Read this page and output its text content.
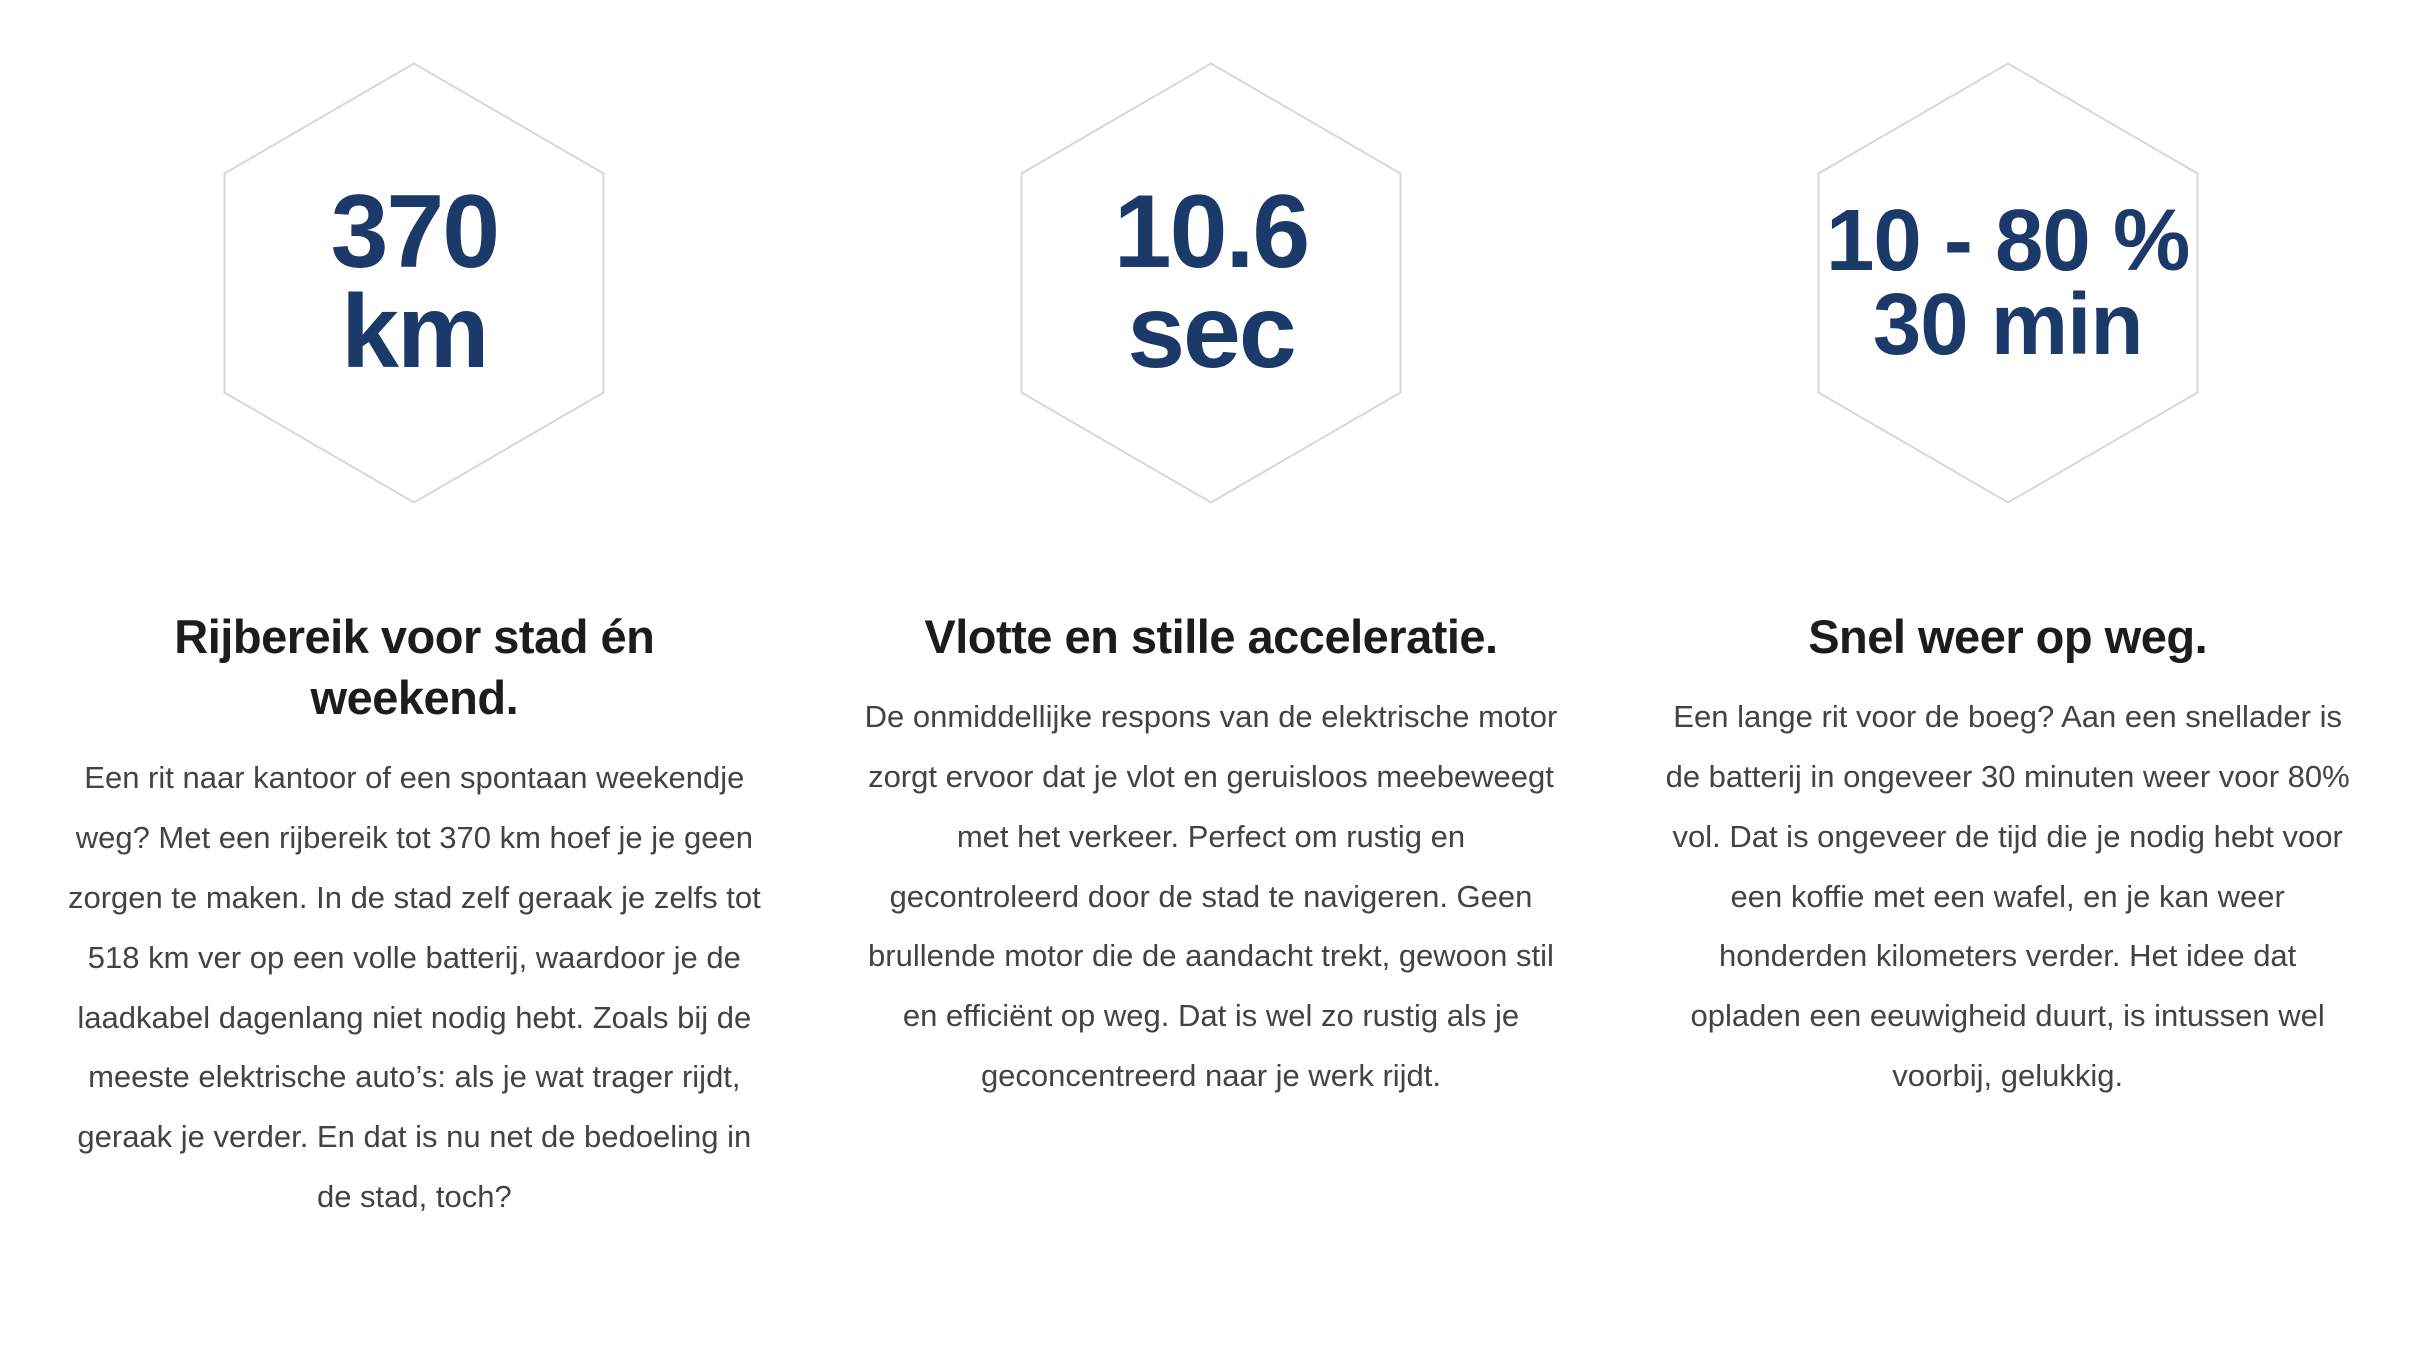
370
km
Rijbereik voor stad én weekend.

Een rit naar kantoor of een spontaan weekendje weg? Met een rijbereik tot 370 km hoef je je geen zorgen te maken. In de stad zelf geraak je zelfs tot 518 km ver op een volle batterij, waardoor je de laadkabel dagenlang niet nodig hebt. Zoals bij de meeste elektrische auto’s: als je wat trager rijdt, geraak je verder. En dat is nu net de bedoeling in de stad, toch?

10.6
sec
Vlotte en stille acceleratie.

De onmiddellijke respons van de elektrische motor zorgt ervoor dat je vlot en geruisloos meebeweegt met het verkeer. Perfect om rustig en gecontroleerd door de stad te navigeren. Geen brullende motor die de aandacht trekt, gewoon stil en efficiënt op weg. Dat is wel zo rustig als je geconcentreerd naar je werk rijdt.

10 - 80 %
30 min
Snel weer op weg.

Een lange rit voor de boeg? Aan een snellader is de batterij in ongeveer 30 minuten weer voor 80% vol. Dat is ongeveer de tijd die je nodig hebt voor een koffie met een wafel, en je kan weer honderden kilometers verder. Het idee dat opladen een eeuwigheid duurt, is intussen wel voorbij, gelukkig.
